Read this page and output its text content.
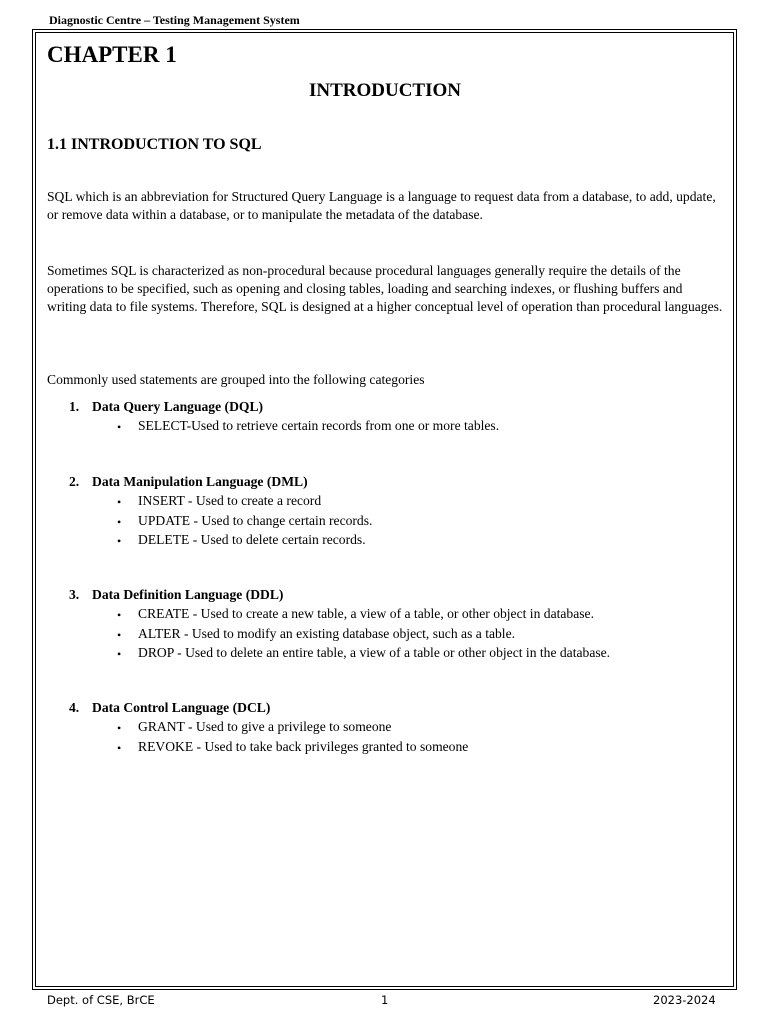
Diagnostic Centre – Testing Management System
CHAPTER 1
INTRODUCTION
1.1 INTRODUCTION TO SQL

SQL which is an abbreviation for Structured Query Language is a language to request data from a database, to add, update, or remove data within a database, or to manipulate the metadata of the database.

Sometimes SQL is characterized as non-procedural because procedural languages generally require the details of the operations to be specified, such as opening and closing tables, loading and searching indexes, or flushing buffers and writing data to file systems. Therefore, SQL is designed at a higher conceptual level of operation than procedural languages.

Commonly used statements are grouped into the following categories

1. Data Query Language (DQL)
• SELECT-Used to retrieve certain records from one or more tables.
2. Data Manipulation Language (DML)
• INSERT - Used to create a record
• UPDATE - Used to change certain records.
• DELETE - Used to delete certain records.
3. Data Definition Language (DDL)
• CREATE - Used to create a new table, a view of a table, or other object in database.
• ALTER - Used to modify an existing database object, such as a table.
• DROP - Used to delete an entire table, a view of a table or other object in the database.
4. Data Control Language (DCL)
• GRANT - Used to give a privilege to someone
• REVOKE - Used to take back privileges granted to someone
Dept. of CSE, BrCE	1	2023-2024
